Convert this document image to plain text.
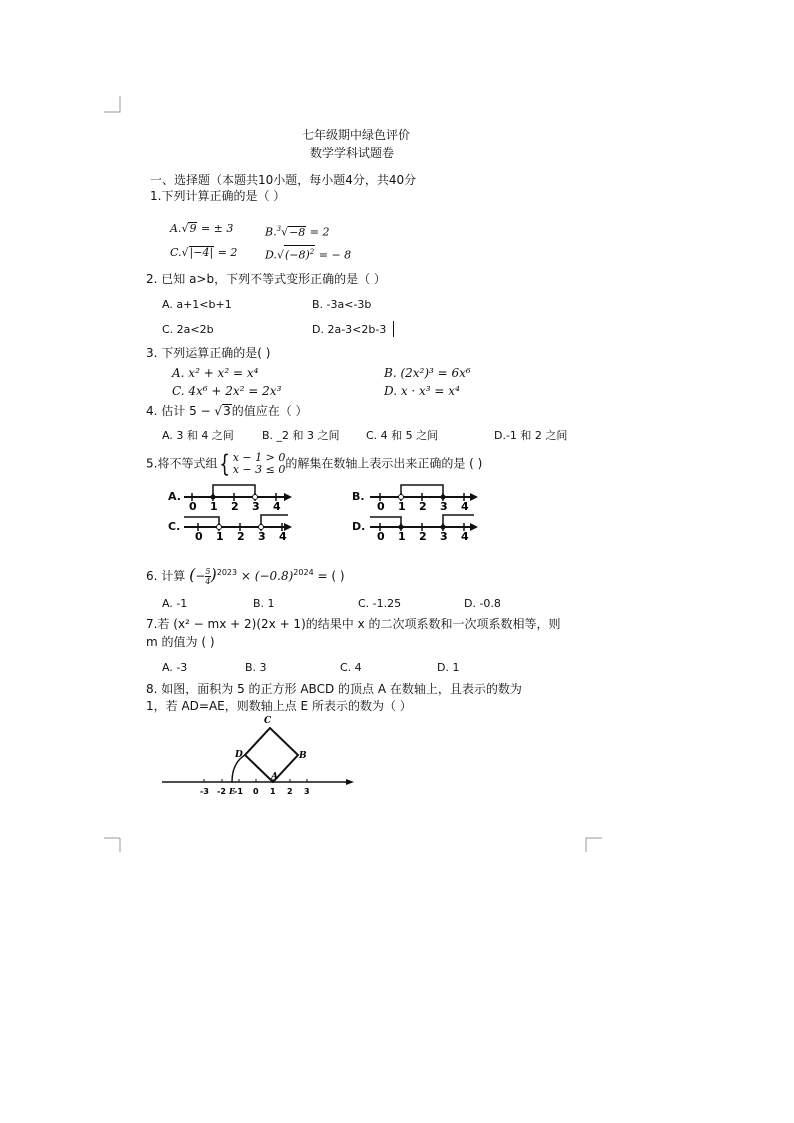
七年级期中绿色评价
数学学科试题卷
一、选择题（本题共10小题，每小题4分，共40分
1.下列计算正确的是（ ）
A.√9 = ± 3	B.$^3$√−8 = 2
C.√|−4| = 2	$D.√(-8)^2$ = − 8
2. 已知 a>b，下列不等式变形正确的是（ ）
A. a+1<b+1	B. -3a<-3b
C. 2a<2b	D. 2a-3<2b-3
3. 下列运算正确的是( )
A. x² + x² = x⁴	B. (2x²)³ = 6x⁶
C. 4x⁶ + 2x² = 2x³	D. x · x³ = x⁴
4. 估计 5 − √3的值应在（ ）
A. 3 和 4 之间	B. _2 和 3 之间 C. 4 和 5 之间	D.-1 和 2 之间
5.将不等式组{ x − 1 > 0
x − 3 ≤ 0的解集在数轴上表示出来正确的是 ( )
A.	B.
C.	D.
0 1 2 3 4	0 1 2 3 4
0 1 2 3 4	0 1 2 3 4
6. 计算 (− $\frac{5}{4} )^{2023} \times (-0.8)^{2024}$ = ( )
A. -1	B. 1	C. -1.25	D. -0.8
7.若 (x² − mx + 2)(2x + 1)的结果中 x 的二次项系数和一次项系数相等，则
m 的值为 ( )
A. -3	B. 3	C. 4	D. 1
8. 如图，面积为 5 的正方形 ABCD 的顶点 A 在数轴上，且表示的数为
1，若 AD=AE，则数轴上点 E 所表示的数为（ ）
C
D	B
A
-3 -2 E
-1 0 1 2 3
